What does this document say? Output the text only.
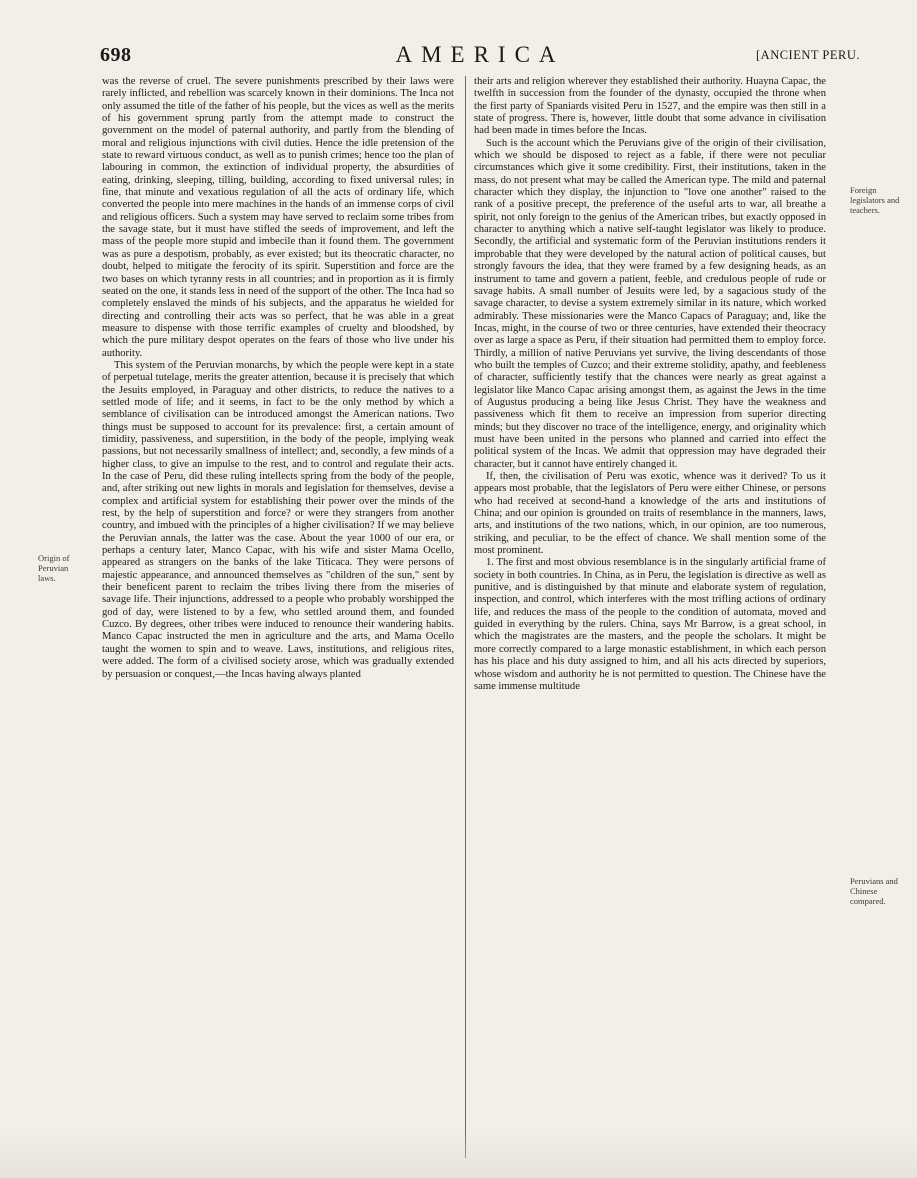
698	AMERICA	[ANCIENT PERU.
Origin of Peruvian laws.
Foreign legislators and teachers.
Peruvians and Chinese compared.

was the reverse of cruel. The severe punishments prescribed by their laws were rarely inflicted, and rebellion was scarcely known in their dominions. The Inca not only assumed the title of the father of his people, but the vices as well as the merits of his government sprung partly from the attempt made to construct the government on the model of paternal authority, and partly from the blending of moral and religious injunctions with civil duties. Hence the idle pretension of the state to reward virtuous conduct, as well as to punish crimes; hence too the plan of labouring in common, the extinction of individual property, the absurdities of eating, drinking, sleeping, tilling, building, according to fixed universal rules; in fine, that minute and vexatious regulation of all the acts of ordinary life, which converted the people into mere machines in the hands of an immense corps of civil and religious officers. Such a system may have served to reclaim some tribes from the savage state, but it must have stifled the seeds of improvement, and left the mass of the people more stupid and imbecile than it found them. The government was as pure a despotism, probably, as ever existed; but its theocratic character, no doubt, helped to mitigate the ferocity of its spirit. Superstition and force are the two bases on which tyranny rests in all countries; and in proportion as it is firmly seated on the one, it stands less in need of the support of the other. The Inca had so completely enslaved the minds of his subjects, and the apparatus he wielded for directing and controlling their acts was so perfect, that he was able in a great measure to dispense with those terrific examples of cruelty and bloodshed, by which the pure military despot operates on the fears of those who live under his authority.

This system of the Peruvian monarchs, by which the people were kept in a state of perpetual tutelage, merits the greater attention, because it is precisely that which the Jesuits employed, in Paraguay and other districts, to reduce the natives to a settled mode of life; and it seems, in fact to be the only method by which a semblance of civilisation can be introduced amongst the American nations. Two things must be supposed to account for its prevalence: first, a certain amount of timidity, passiveness, and superstition, in the body of the people, implying weak passions, but not necessarily smallness of intellect; and, secondly, a few minds of a higher class, to give an impulse to the rest, and to control and regulate their acts. In the case of Peru, did these ruling intellects spring from the body of the people, and, after striking out new lights in morals and legislation for themselves, devise a complex and artificial system for establishing their power over the minds of the rest, by the help of superstition and force? or were they strangers from another country, and imbued with the principles of a higher civilisation? If we may believe the Peruvian annals, the latter was the case. About the year 1000 of our era, or perhaps a century later, Manco Capac, with his wife and sister Mama Ocello, appeared as strangers on the banks of the lake Titicaca. They were persons of majestic appearance, and announced themselves as "children of the sun," sent by their beneficent parent to reclaim the tribes living there from the miseries of savage life. Their injunctions, addressed to a people who probably worshipped the god of day, were listened to by a few, who settled around them, and founded Cuzco. By degrees, other tribes were induced to renounce their wandering habits. Manco Capac instructed the men in agriculture and the arts, and Mama Ocello taught the women to spin and to weave. Laws, institutions, and religious rites, were added. The form of a civilised society arose, which was gradually extended by persuasion or conquest,—the Incas having always planted

their arts and religion wherever they established their authority. Huayna Capac, the twelfth in succession from the founder of the dynasty, occupied the throne when the first party of Spaniards visited Peru in 1527, and the empire was then still in a state of progress. There is, however, little doubt that some advance in civilisation had been made in times before the Incas.

Such is the account which the Peruvians give of the origin of their civilisation, which we should be disposed to reject as a fable, if there were not peculiar circumstances which give it some credibility. First, their institutions, taken in the mass, do not present what may be called the American type. The mild and paternal character which they display, the injunction to "love one another" raised to the rank of a positive precept, the preference of the useful arts to war, all breathe a spirit, not only foreign to the genius of the American tribes, but exactly opposed in character to anything which a native self-taught legislator was likely to produce. Secondly, the artificial and systematic form of the Peruvian institutions renders it improbable that they were developed by the natural action of political causes, but strongly favours the idea, that they were framed by a few designing heads, as an instrument to tame and govern a patient, feeble, and credulous people of rude or savage habits. A small number of Jesuits were led, by a sagacious study of the savage character, to devise a system extremely similar in its nature, which worked admirably. These missionaries were the Manco Capacs of Paraguay; and, like the Incas, might, in the course of two or three centuries, have extended their theocracy over as large a space as Peru, if their situation had permitted them to employ force. Thirdly, a million of native Peruvians yet survive, the living descendants of those who built the temples of Cuzco; and their extreme stolidity, apathy, and feebleness of character, sufficiently testify that the chances were nearly as great against a legislator like Manco Capac arising amongst them, as against the Jews in the time of Augustus producing a being like Jesus Christ. They have the weakness and passiveness which fit them to receive an impression from superior directing minds; but they discover no trace of the intelligence, energy, and originality which must have been united in the persons who planned and carried into effect the political system of the Incas. We admit that oppression may have degraded their character, but it cannot have entirely changed it.

If, then, the civilisation of Peru was exotic, whence was it derived? To us it appears most probable, that the legislators of Peru were either Chinese, or persons who had received at second-hand a knowledge of the arts and institutions of China; and our opinion is grounded on traits of resemblance in the manners, laws, arts, and institutions of the two nations, which, in our opinion, are too numerous, striking, and peculiar, to be the effect of chance. We shall mention some of the most prominent.

1. The first and most obvious resemblance is in the singularly artificial frame of society in both countries. In China, as in Peru, the legislation is directive as well as punitive, and is distinguished by that minute and elaborate system of regulation, inspection, and control, which interferes with the most trifling actions of ordinary life, and reduces the mass of the people to the condition of automata, moved and guided in everything by the rulers. China, says Mr Barrow, is a great school, in which the magistrates are the masters, and the people the scholars. It might be more correctly compared to a large monastic establishment, in which each person has his place and his duty assigned to him, and all his acts directed by superiors, whose wisdom and authority he is not permitted to question. The Chinese have the same immense multitude
